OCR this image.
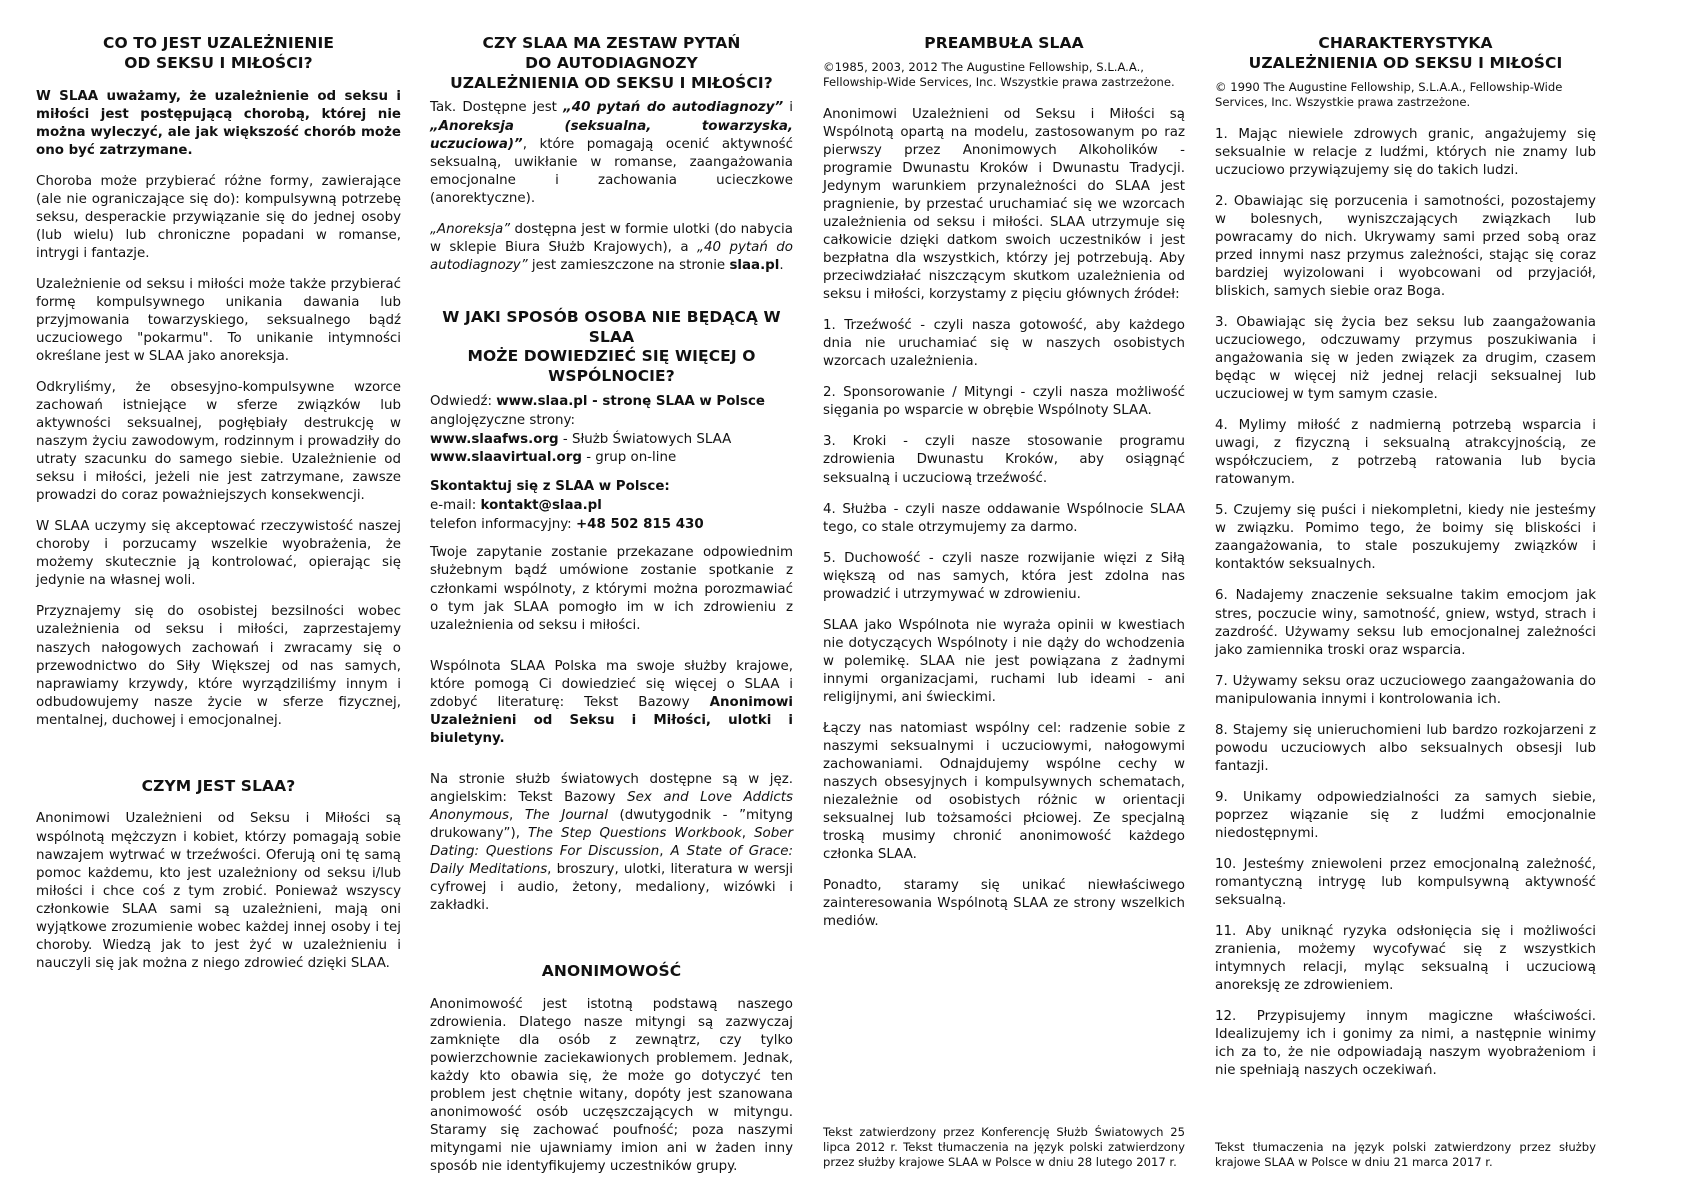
CO TO JEST UZALEŻNIENIE
OD SEKSU I MIŁOŚCI?

W SLAA uważamy, że uzależnienie od seksu i miłości jest postępującą chorobą, której nie można wyleczyć, ale jak większość chorób może ono być zatrzymane.

Choroba może przybierać różne formy, zawierające (ale nie ograniczające się do): kompulsywną potrzebę seksu, desperackie przywiązanie się do jednej osoby (lub wielu) lub chroniczne popadani w romanse, intrygi i fantazje.

Uzależnienie od seksu i miłości może także przybierać formę kompulsywnego unikania dawania lub przyjmowania towarzyskiego, seksualnego bądź uczuciowego "pokarmu". To unikanie intymności określane jest w SLAA jako anoreksja.

Odkryliśmy, że obsesyjno-kompulsywne wzorce zachowań istniejące w sferze związków lub aktywności seksualnej, pogłębiały destrukcję w naszym życiu zawodowym, rodzinnym i prowadziły do utraty szacunku do samego siebie. Uzależnienie od seksu i miłości, jeżeli nie jest zatrzymane, zawsze prowadzi do coraz poważniejszych konsekwencji.

W SLAA uczymy się akceptować rzeczywistość naszej choroby i porzucamy wszelkie wyobrażenia, że możemy skutecznie ją kontrolować, opierając się jedynie na własnej woli.

Przyznajemy się do osobistej bezsilności wobec uzależnienia od seksu i miłości, zaprzestajemy naszych nałogowych zachowań i zwracamy się o przewodnictwo do Siły Większej od nas samych, naprawiamy krzywdy, które wyrządziliśmy innym i odbudowujemy nasze życie w sferze fizycznej, mentalnej, duchowej i emocjonalnej.

CZYM JEST SLAA?

Anonimowi Uzależnieni od Seksu i Miłości są wspólnotą mężczyzn i kobiet, którzy pomagają sobie nawzajem wytrwać w trzeźwości. Oferują oni tę samą pomoc każdemu, kto jest uzależniony od seksu i/lub miłości i chce coś z tym zrobić. Ponieważ wszyscy członkowie SLAA sami są uzależnieni, mają oni wyjątkowe zrozumienie wobec każdej innej osoby i tej choroby. Wiedzą jak to jest żyć w uzależnieniu i nauczyli się jak można z niego zdrowieć dzięki SLAA.

CZY SLAA MA ZESTAW PYTAŃ
DO AUTODIAGNOZY
UZALEŻNIENIA OD SEKSU I MIŁOŚCI?

Tak. Dostępne jest „40 pytań do autodiagnozy” i „Anoreksja (seksualna, towarzyska, uczuciowa)”, które pomagają ocenić aktywność seksualną, uwikłanie w romanse, zaangażowania emocjonalne i zachowania ucieczkowe (anorektyczne).

„Anoreksja” dostępna jest w formie ulotki (do nabycia w sklepie Biura Służb Krajowych), a „40 pytań do autodiagnozy” jest zamieszczone na stronie slaa.pl.

W JAKI SPOSÓB OSOBA NIE BĘDĄCĄ W SLAA
MOŻE DOWIEDZIEĆ SIĘ WIĘCEJ O WSPÓLNOCIE?

Odwiedź: www.slaa.pl - stronę SLAA w Polsce

anglojęzyczne strony:

www.slaafws.org - Służb Światowych SLAA

www.slaavirtual.org - grup on-line

Skontaktuj się z SLAA w Polsce:

e-mail: kontakt@slaa.pl

telefon informacyjny: +48 502 815 430

Twoje zapytanie zostanie przekazane odpowiednim służebnym bądź umówione zostanie spotkanie z członkami wspólnoty, z którymi można porozmawiać o tym jak SLAA pomogło im w ich zdrowieniu z uzależnienia od seksu i miłości.

Wspólnota SLAA Polska ma swoje służby krajowe, które pomogą Ci dowiedzieć się więcej o SLAA i zdobyć literaturę: Tekst Bazowy Anonimowi Uzależnieni od Seksu i Miłości, ulotki i biuletyny.

Na stronie służb światowych dostępne są w jęz. angielskim: Tekst Bazowy Sex and Love Addicts Anonymous, The Journal (dwutygodnik - ”mityng drukowany”), The Step Questions Workbook, Sober Dating: Questions For Discussion, A State of Grace: Daily Meditations, broszury, ulotki, literatura w wersji cyfrowej i audio, żetony, medaliony, wizówki i zakładki.

ANONIMOWOŚĆ

Anonimowość jest istotną podstawą naszego zdrowienia. Dlatego nasze mityngi są zazwyczaj zamknięte dla osób z zewnątrz, czy tylko powierzchownie zaciekawionych problemem. Jednak, każdy kto obawia się, że może go dotyczyć ten problem jest chętnie witany, dopóty jest szanowana anonimowość osób uczęszczających w mityngu. Staramy się zachować poufność; poza naszymi mityngami nie ujawniamy imion ani w żaden inny sposób nie identyfikujemy uczestników grupy.

PREAMBUŁA SLAA

©1985, 2003, 2012 The Augustine Fellowship, S.L.A.A., Fellowship-Wide Services, Inc. Wszystkie prawa zastrzeżone.

Anonimowi Uzależnieni od Seksu i Miłości są Wspólnotą opartą na modelu, zastosowanym po raz pierwszy przez Anonimowych Alkoholików - programie Dwunastu Kroków i Dwunastu Tradycji. Jedynym warunkiem przynależności do SLAA jest pragnienie, by przestać uruchamiać się we wzorcach uzależnienia od seksu i miłości. SLAA utrzymuje się całkowicie dzięki datkom swoich uczestników i jest bezpłatna dla wszystkich, którzy jej potrzebują. Aby przeciwdziałać niszczącym skutkom uzależnienia od seksu i miłości, korzystamy z pięciu głównych źródeł:

1. Trzeźwość - czyli nasza gotowość, aby każdego dnia nie uruchamiać się w naszych osobistych wzorcach uzależnienia.

2. Sponsorowanie / Mityngi - czyli nasza możliwość sięgania po wsparcie w obrębie Wspólnoty SLAA.

3. Kroki - czyli nasze stosowanie programu zdrowienia Dwunastu Kroków, aby osiągnąć seksualną i uczuciową trzeźwość.

4. Służba - czyli nasze oddawanie Wspólnocie SLAA tego, co stale otrzymujemy za darmo.

5. Duchowość - czyli nasze rozwijanie więzi z Siłą większą od nas samych, która jest zdolna nas prowadzić i utrzymywać w zdrowieniu.

SLAA jako Wspólnota nie wyraża opinii w kwestiach nie dotyczących Wspólnoty i nie dąży do wchodzenia w polemikę. SLAA nie jest powiązana z żadnymi innymi organizacjami, ruchami lub ideami - ani religijnymi, ani świeckimi.

Łączy nas natomiast wspólny cel: radzenie sobie z naszymi seksualnymi i uczuciowymi, nałogowymi zachowaniami. Odnajdujemy wspólne cechy w naszych obsesyjnych i kompulsywnych schematach, niezależnie od osobistych różnic w orientacji seksualnej lub tożsamości płciowej. Ze specjalną troską musimy chronić anonimowość każdego członka SLAA.

Ponadto, staramy się unikać niewłaściwego zainteresowania Wspólnotą SLAA ze strony wszelkich mediów.

Tekst zatwierdzony przez Konferencję Służb Światowych 25 lipca 2012 r. Tekst tłumaczenia na język polski zatwierdzony przez służby krajowe SLAA w Polsce w dniu 28 lutego 2017 r.

CHARAKTERYSTYKA
UZALEŻNIENIA OD SEKSU I MIŁOŚCI

© 1990 The Augustine Fellowship, S.L.A.A., Fellowship-Wide Services, Inc. Wszystkie prawa zastrzeżone.

1. Mając niewiele zdrowych granic, angażujemy się seksualnie w relacje z ludźmi, których nie znamy lub uczuciowo przywiązujemy się do takich ludzi.

2. Obawiając się porzucenia i samotności, pozostajemy w bolesnych, wyniszczających związkach lub powracamy do nich. Ukrywamy sami przed sobą oraz przed innymi nasz przymus zależności, stając się coraz bardziej wyizolowani i wyobcowani od przyjaciół, bliskich, samych siebie oraz Boga.

3. Obawiając się życia bez seksu lub zaangażowania uczuciowego, odczuwamy przymus poszukiwania i angażowania się w jeden związek za drugim, czasem będąc w więcej niż jednej relacji seksualnej lub uczuciowej w tym samym czasie.

4. Mylimy miłość z nadmierną potrzebą wsparcia i uwagi, z fizyczną i seksualną atrakcyjnością, ze współczuciem, z potrzebą ratowania lub bycia ratowanym.

5. Czujemy się puści i niekompletni, kiedy nie jesteśmy w związku. Pomimo tego, że boimy się bliskości i zaangażowania, to stale poszukujemy związków i kontaktów seksualnych.

6. Nadajemy znaczenie seksualne takim emocjom jak stres, poczucie winy, samotność, gniew, wstyd, strach i zazdrość. Używamy seksu lub emocjonalnej zależności jako zamiennika troski oraz wsparcia.

7. Używamy seksu oraz uczuciowego zaangażowania do manipulowania innymi i kontrolowania ich.

8. Stajemy się unieruchomieni lub bardzo rozkojarzeni z powodu uczuciowych albo seksualnych obsesji lub fantazji.

9. Unikamy odpowiedzialności za samych siebie, poprzez wiązanie się z ludźmi emocjonalnie niedostępnymi.

10. Jesteśmy zniewoleni przez emocjonalną zależność, romantyczną intrygę lub kompulsywną aktywność seksualną.

11. Aby uniknąć ryzyka odsłonięcia się i możliwości zranienia, możemy wycofywać się z wszystkich intymnych relacji, myląc seksualną i uczuciową anoreksję ze zdrowieniem.

12. Przypisujemy innym magiczne właściwości. Idealizujemy ich i gonimy za nimi, a następnie winimy ich za to, że nie odpowiadają naszym wyobrażeniom i nie spełniają naszych oczekiwań.

Tekst tłumaczenia na język polski zatwierdzony przez służby krajowe SLAA w Polsce w dniu 21 marca 2017 r.
